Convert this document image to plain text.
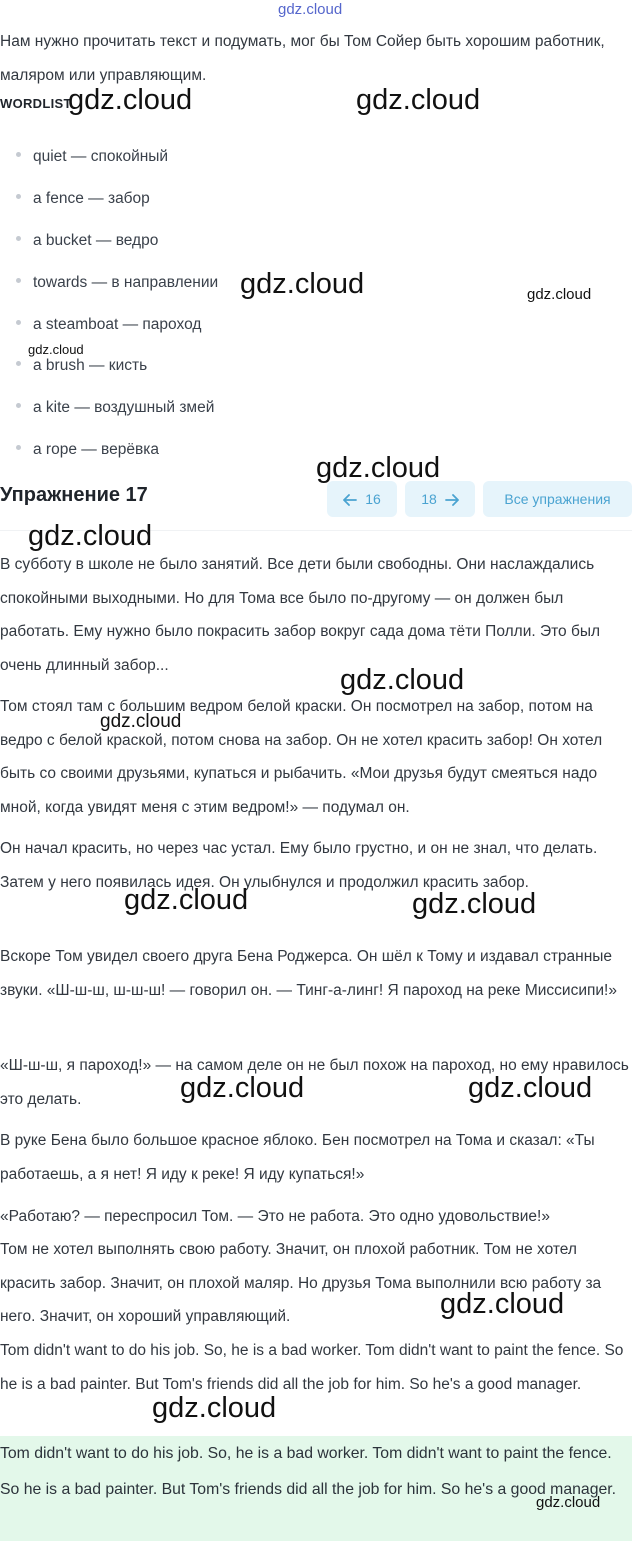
gdz.cloud

Нам нужно прочитать текст и подумать, мог бы Том Сойер быть хорошим работник, маляром или управляющим.

WORDLIST
quiet — спокойный
a fence — забор
a bucket — ведро
towards — в направлении
a steamboat — пароход
a brush — кисть
a kite — воздушный змей
a rope — верёвка
Упражнение 17	16	18	Все упражнения

В субботу в школе не было занятий. Все дети были свободны. Они наслаждались спокойными выходными. Но для Тома все было по-другому — он должен был работать. Ему нужно было покрасить забор вокруг сада дома тёти Полли. Это был очень длинный забор...

Том стоял там с большим ведром белой краски. Он посмотрел на забор, потом на ведро с белой краской, потом снова на забор. Он не хотел красить забор! Он хотел быть со своими друзьями, купаться и рыбачить. «Мои друзья будут смеяться надо мной, когда увидят меня с этим ведром!» — подумал он.

Он начал красить, но через час устал. Ему было грустно, и он не знал, что делать. Затем у него появилась идея. Он улыбнулся и продолжил красить забор.

Вскоре Том увидел своего друга Бена Роджерса. Он шёл к Тому и издавал странные звуки. «Ш-ш-ш, ш-ш-ш! — говорил он. — Тинг-а-линг! Я пароход на реке Миссисипи!»

«Ш-ш-ш, я пароход!» — на самом деле он не был похож на пароход, но ему нравилось это делать.

В руке Бена было большое красное яблоко. Бен посмотрел на Тома и сказал: «Ты работаешь, а я нет! Я иду к реке! Я иду купаться!»

«Работаю? — переспросил Том. — Это не работа. Это одно удовольствие!»

Том не хотел выполнять свою работу. Значит, он плохой работник. Том не хотел красить забор. Значит, он плохой маляр. Но друзья Тома выполнили всю работу за него. Значит, он хороший управляющий.

Tom didn't want to do his job. So, he is a bad worker. Tom didn't want to paint the fence. So he is a bad painter. But Tom's friends did all the job for him. So he's a good manager.

Tom didn't want to do his job. So, he is a bad worker. Tom didn't want to paint the fence. So he is a bad painter. But Tom's friends did all the job for him. So he's a good manager.

gdz.cloud	gdz.cloud
gdz.cloud	gdz.cloud
gdz.cloud
gdz.cloud
gdz.cloud
gdz.cloud
gdz.cloud
gdz.cloud	gdz.cloud
gdz.cloud	gdz.cloud
gdz.cloud
gdz.cloud
gdz.cloud
